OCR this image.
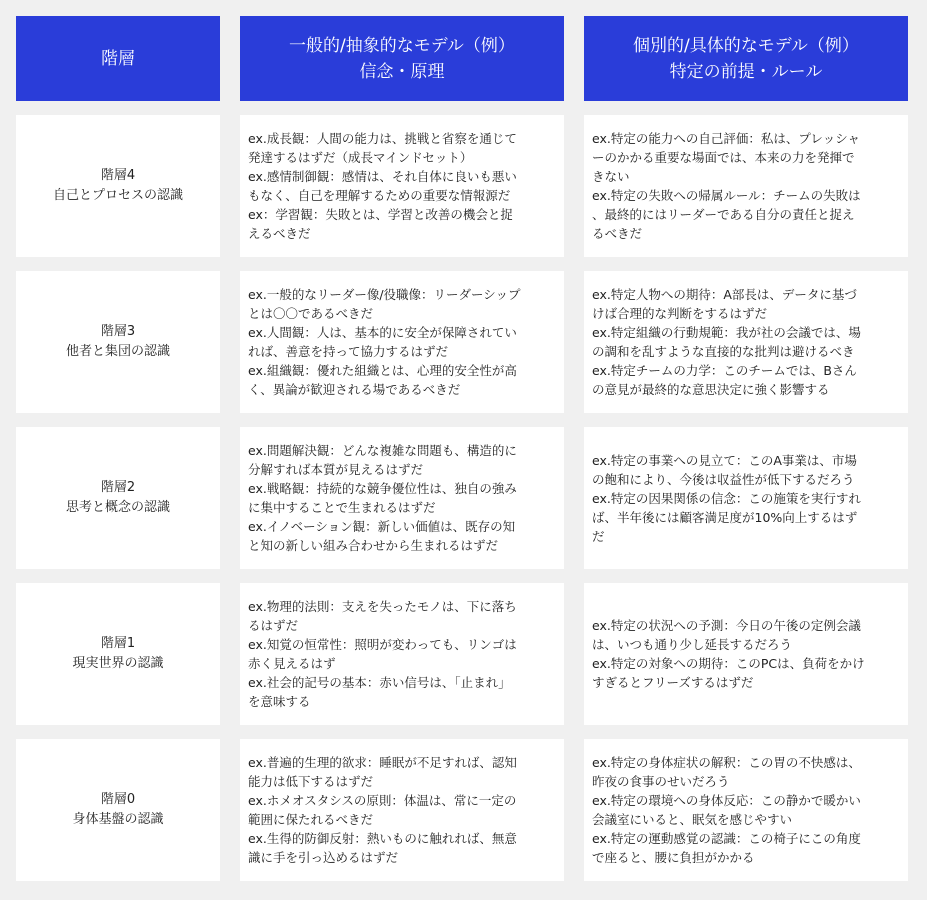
階層
一般的/抽象的なモデル（例）
信念・原理
個別的/具体的なモデル（例）
特定の前提・ルール
階層4
自己とプロセスの認識

ex.成長観：人間の能力は、挑戦と省察を通じて

発達するはずだ（成長マインドセット）

ex.感情制御観：感情は、それ自体に良いも悪い

もなく、自己を理解するための重要な情報源だ

ex：学習観：失敗とは、学習と改善の機会と捉

えるべきだ

ex.特定の能力への自己評価：私は、プレッシャ

ーのかかる重要な場面では、本来の力を発揮で

きない

ex.特定の失敗への帰属ルール：チームの失敗は

、最終的にはリーダーである自分の責任と捉え

るべきだ

階層3
他者と集団の認識

ex.一般的なリーダー像/役職像：リーダーシップ

とは〇〇であるべきだ

ex.人間観：人は、基本的に安全が保障されてい

れば、善意を持って協力するはずだ

ex.組織観：優れた組織とは、心理的安全性が高

く、異論が歓迎される場であるべきだ

ex.特定人物への期待：A部長は、データに基づ

けば合理的な判断をするはずだ

ex.特定組織の行動規範：我が社の会議では、場

の調和を乱すような直接的な批判は避けるべき

ex.特定チームの力学：このチームでは、Bさん

の意見が最終的な意思決定に強く影響する

階層2
思考と概念の認識

ex.問題解決観：どんな複雑な問題も、構造的に

分解すれば本質が見えるはずだ

ex.戦略観：持続的な競争優位性は、独自の強み

に集中することで生まれるはずだ

ex.イノベーション観：新しい価値は、既存の知

と知の新しい組み合わせから生まれるはずだ

ex.特定の事業への見立て：このA事業は、市場

の飽和により、今後は収益性が低下するだろう

ex.特定の因果関係の信念：この施策を実行すれ

ば、半年後には顧客満足度が10%向上するはず

だ

階層1
現実世界の認識

ex.物理的法則：支えを失ったモノは、下に落ち

るはずだ

ex.知覚の恒常性：照明が変わっても、リンゴは

赤く見えるはず

ex.社会的記号の基本：赤い信号は、「止まれ」

を意味する

ex.特定の状況への予測：今日の午後の定例会議

は、いつも通り少し延長するだろう

ex.特定の対象への期待：このPCは、負荷をかけ

すぎるとフリーズするはずだ

階層0
身体基盤の認識

ex.普遍的生理的欲求：睡眠が不足すれば、認知

能力は低下するはずだ

ex.ホメオスタシスの原則：体温は、常に一定の

範囲に保たれるべきだ

ex.生得的防御反射：熱いものに触れれば、無意

識に手を引っ込めるはずだ

ex.特定の身体症状の解釈：この胃の不快感は、

昨夜の食事のせいだろう

ex.特定の環境への身体反応：この静かで暖かい

会議室にいると、眠気を感じやすい

ex.特定の運動感覚の認識：この椅子にこの角度

で座ると、腰に負担がかかる
